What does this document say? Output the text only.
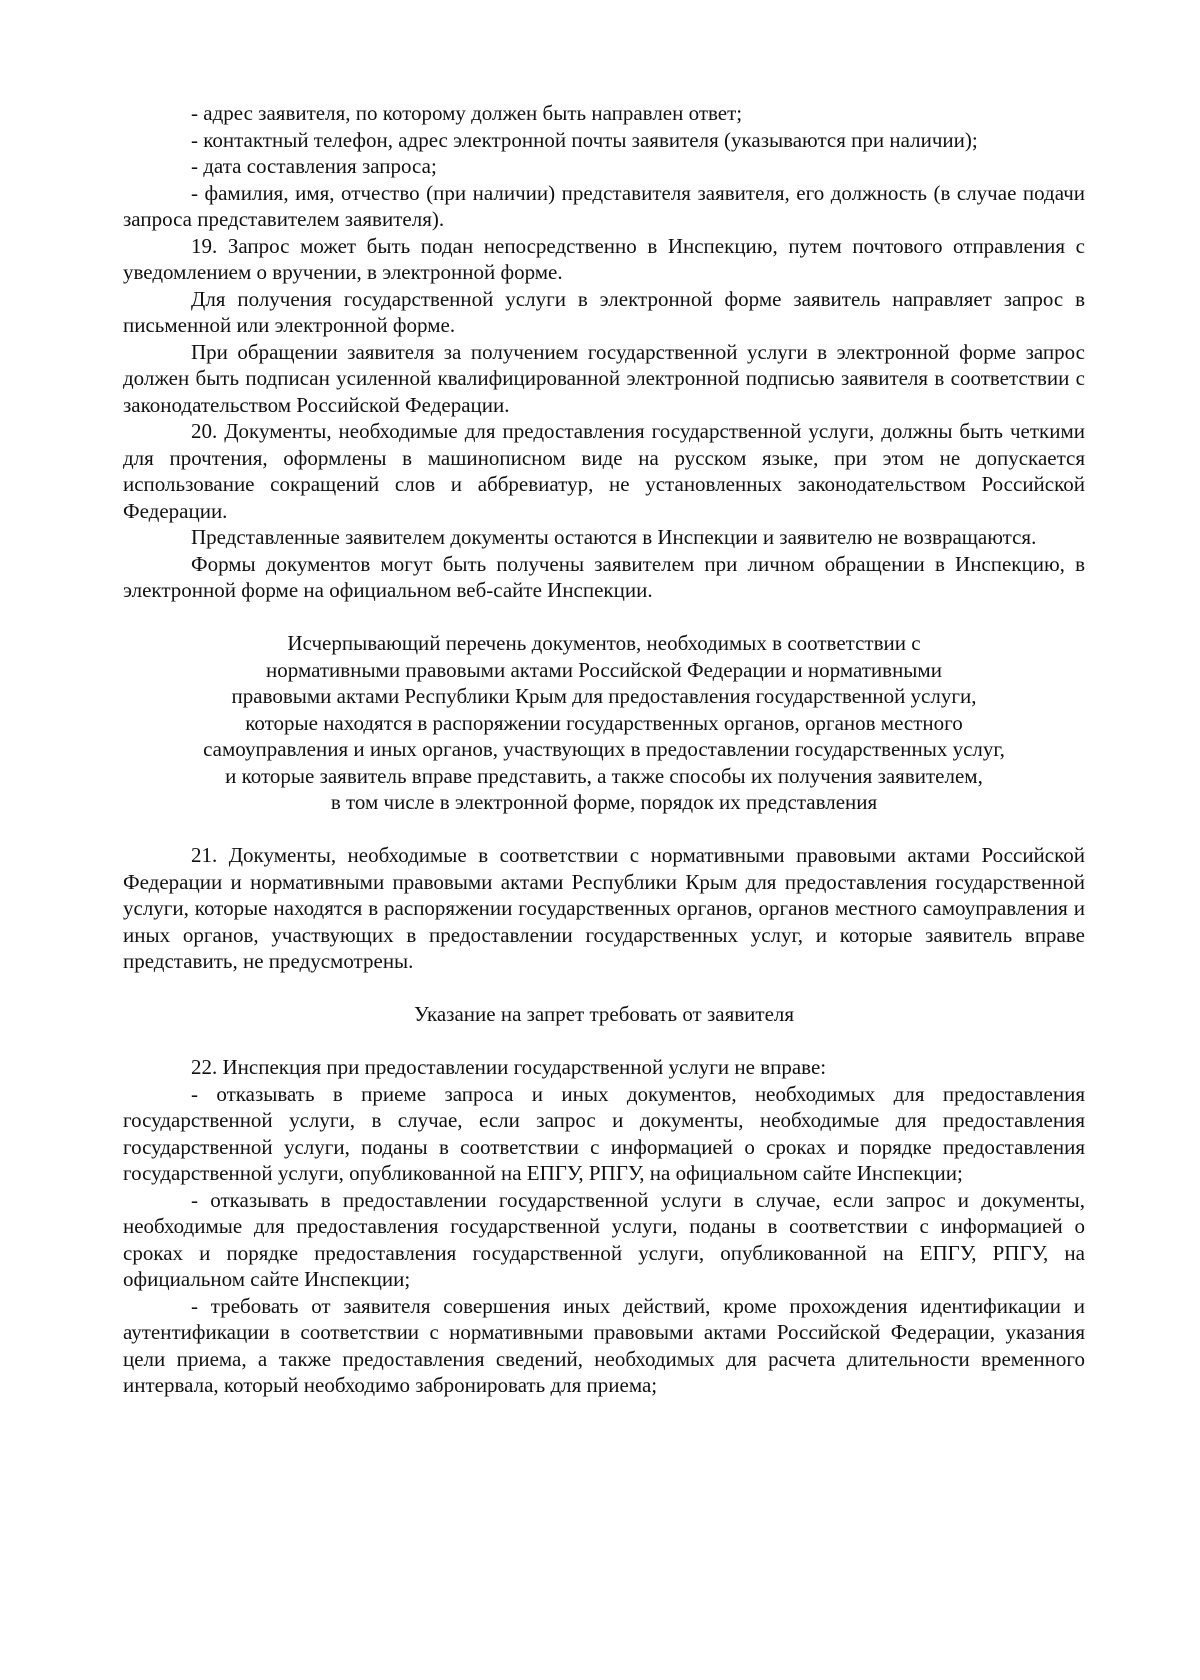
- адрес заявителя, по которому должен быть направлен ответ;

- контактный телефон, адрес электронной почты заявителя (указываются при наличии);

- дата составления запроса;

- фамилия, имя, отчество (при наличии) представителя заявителя, его должность (в случае подачи запроса представителем заявителя).

19. Запрос может быть подан непосредственно в Инспекцию, путем почтового отправления с уведомлением о вручении, в электронной форме.

Для получения государственной услуги в электронной форме заявитель направляет запрос в письменной или электронной форме.

При обращении заявителя за получением государственной услуги в электронной форме запрос должен быть подписан усиленной квалифицированной электронной подписью заявителя в соответствии с законодательством Российской Федерации.

20. Документы, необходимые для предоставления государственной услуги, должны быть четкими для прочтения, оформлены в машинописном виде на русском языке, при этом не допускается использование сокращений слов и аббревиатур, не установленных законодательством Российской Федерации.

Представленные заявителем документы остаются в Инспекции и заявителю не возвращаются.

Формы документов могут быть получены заявителем при личном обращении в Инспекцию, в электронной форме на официальном веб-сайте Инспекции.

Исчерпывающий перечень документов, необходимых в соответствии с
нормативными правовыми актами Российской Федерации и нормативными
правовыми актами Республики Крым для предоставления государственной услуги,
которые находятся в распоряжении государственных органов, органов местного
самоуправления и иных органов, участвующих в предоставлении государственных услуг,
и которые заявитель вправе представить, а также способы их получения заявителем,
в том числе в электронной форме, порядок их представления

21. Документы, необходимые в соответствии с нормативными правовыми актами Российской Федерации и нормативными правовыми актами Республики Крым для предоставления государственной услуги, которые находятся в распоряжении государственных органов, органов местного самоуправления и иных органов, участвующих в предоставлении государственных услуг, и которые заявитель вправе представить, не предусмотрены.

Указание на запрет требовать от заявителя

22. Инспекция при предоставлении государственной услуги не вправе:

- отказывать в приеме запроса и иных документов, необходимых для предоставления государственной услуги, в случае, если запрос и документы, необходимые для предоставления государственной услуги, поданы в соответствии с информацией о сроках и порядке предоставления государственной услуги, опубликованной на ЕПГУ, РПГУ, на официальном сайте Инспекции;

- отказывать в предоставлении государственной услуги в случае, если запрос и документы, необходимые для предоставления государственной услуги, поданы в соответствии с информацией о сроках и порядке предоставления государственной услуги, опубликованной на ЕПГУ, РПГУ, на официальном сайте Инспекции;

- требовать от заявителя совершения иных действий, кроме прохождения идентификации и аутентификации в соответствии с нормативными правовыми актами Российской Федерации, указания цели приема, а также предоставления сведений, необходимых для расчета длительности временного интервала, который необходимо забронировать для приема;
